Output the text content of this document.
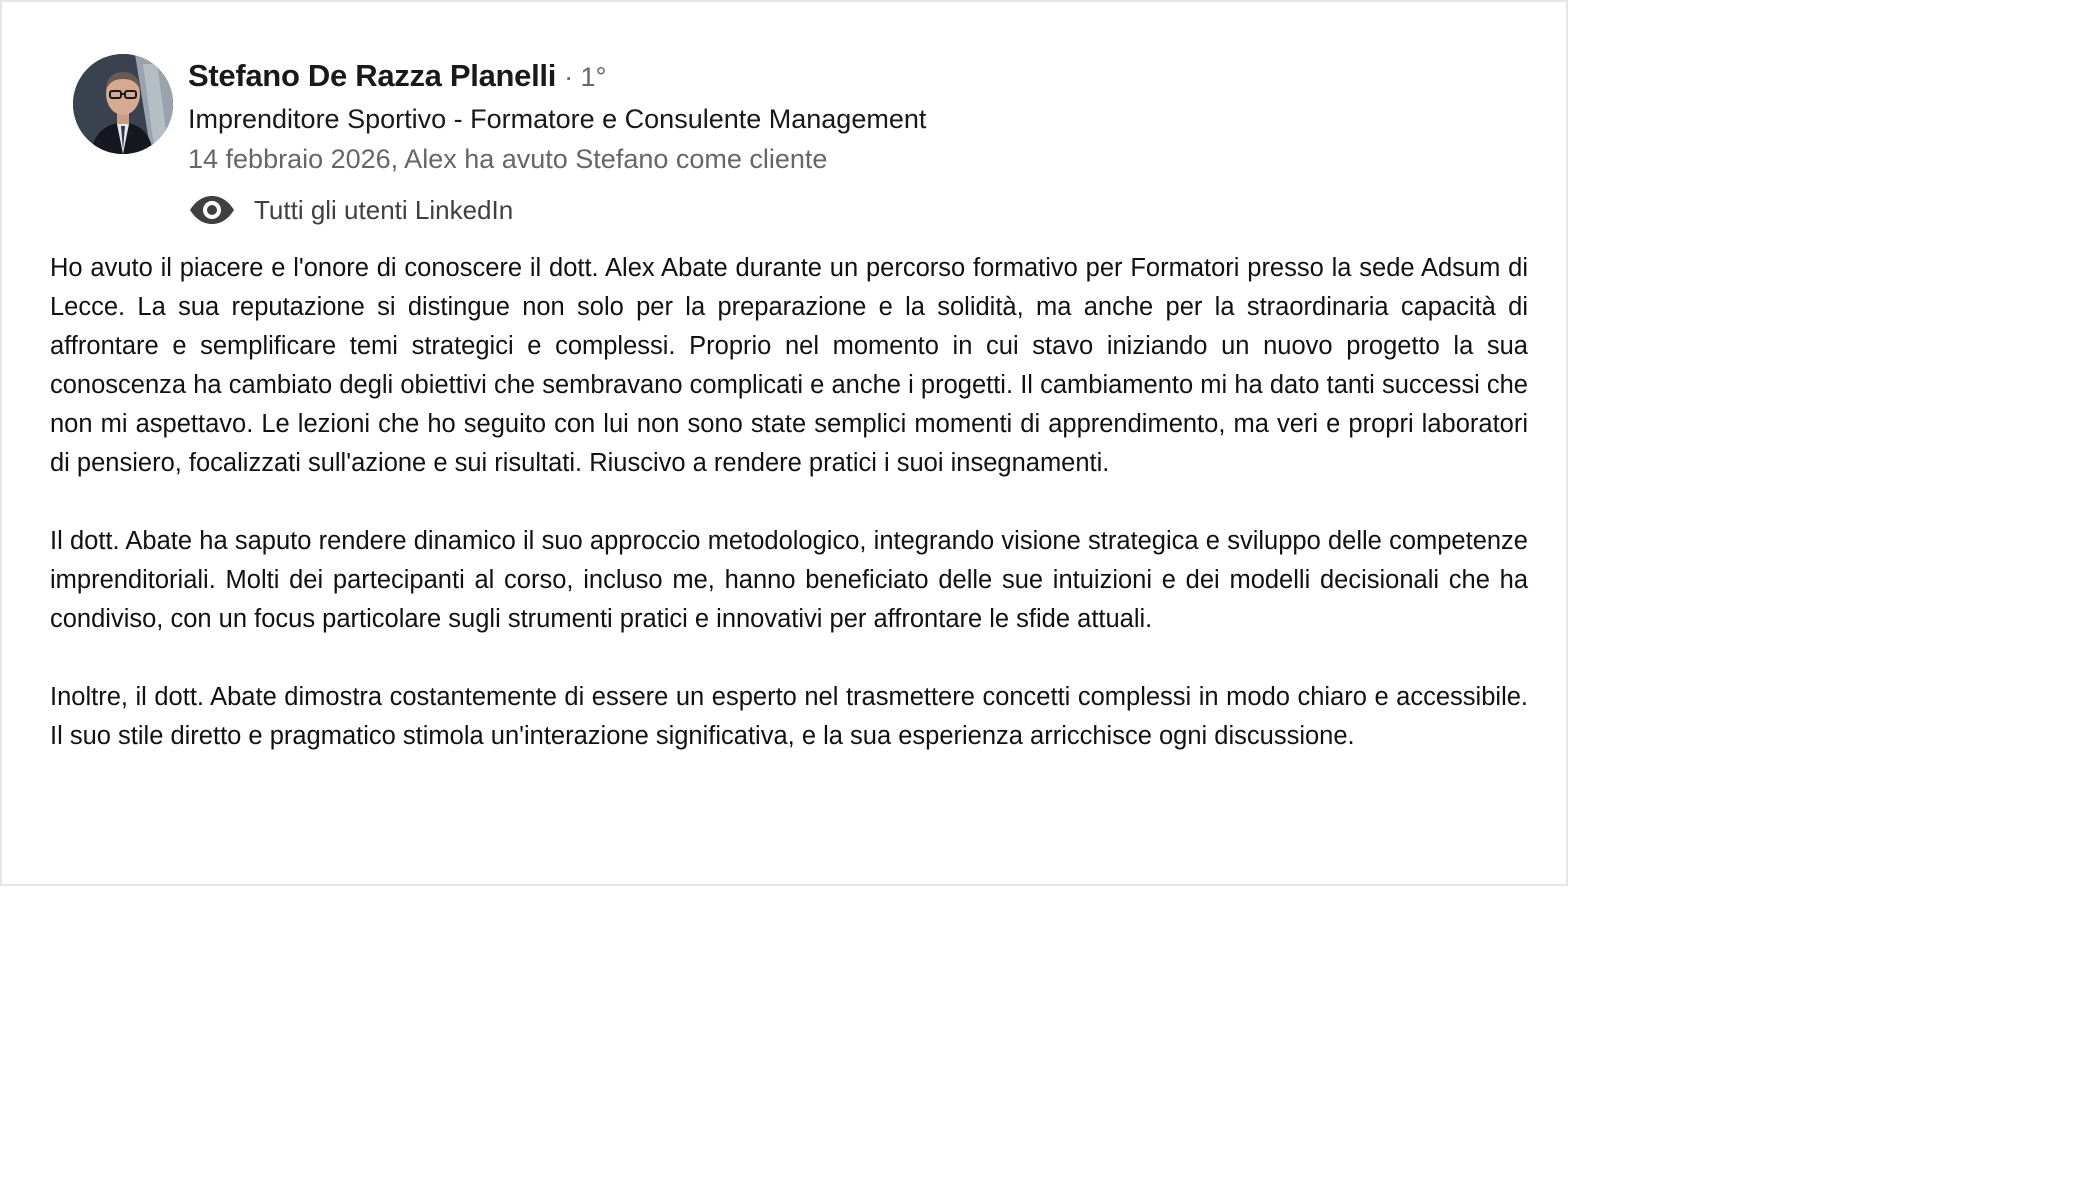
Stefano De Razza Planelli · 1°
Imprenditore Sportivo - Formatore e Consulente Management
14 febbraio 2026, Alex ha avuto Stefano come cliente
Tutti gli utenti LinkedIn

Ho avuto il piacere e l'onore di conoscere il dott. Alex Abate durante un percorso formativo per Formatori presso la sede Adsum di Lecce. La sua reputazione si distingue non solo per la preparazione e la solidità, ma anche per la straordinaria capacità di affrontare e semplificare temi strategici e complessi. Proprio nel momento in cui stavo iniziando un nuovo progetto la sua conoscenza ha cambiato degli obiettivi che sembravano complicati e anche i progetti. Il cambiamento mi ha dato tanti successi che non mi aspettavo. Le lezioni che ho seguito con lui non sono state semplici momenti di apprendimento, ma veri e propri laboratori di pensiero, focalizzati sull'azione e sui risultati. Riuscivo a rendere pratici i suoi insegnamenti.

Il dott. Abate ha saputo rendere dinamico il suo approccio metodologico, integrando visione strategica e sviluppo delle competenze imprenditoriali. Molti dei partecipanti al corso, incluso me, hanno beneficiato delle sue intuizioni e dei modelli decisionali che ha condiviso, con un focus particolare sugli strumenti pratici e innovativi per affrontare le sfide attuali.

Inoltre, il dott. Abate dimostra costantemente di essere un esperto nel trasmettere concetti complessi in modo chiaro e accessibile. Il suo stile diretto e pragmatico stimola un'interazione significativa, e la sua esperienza arricchisce ogni discussione.
